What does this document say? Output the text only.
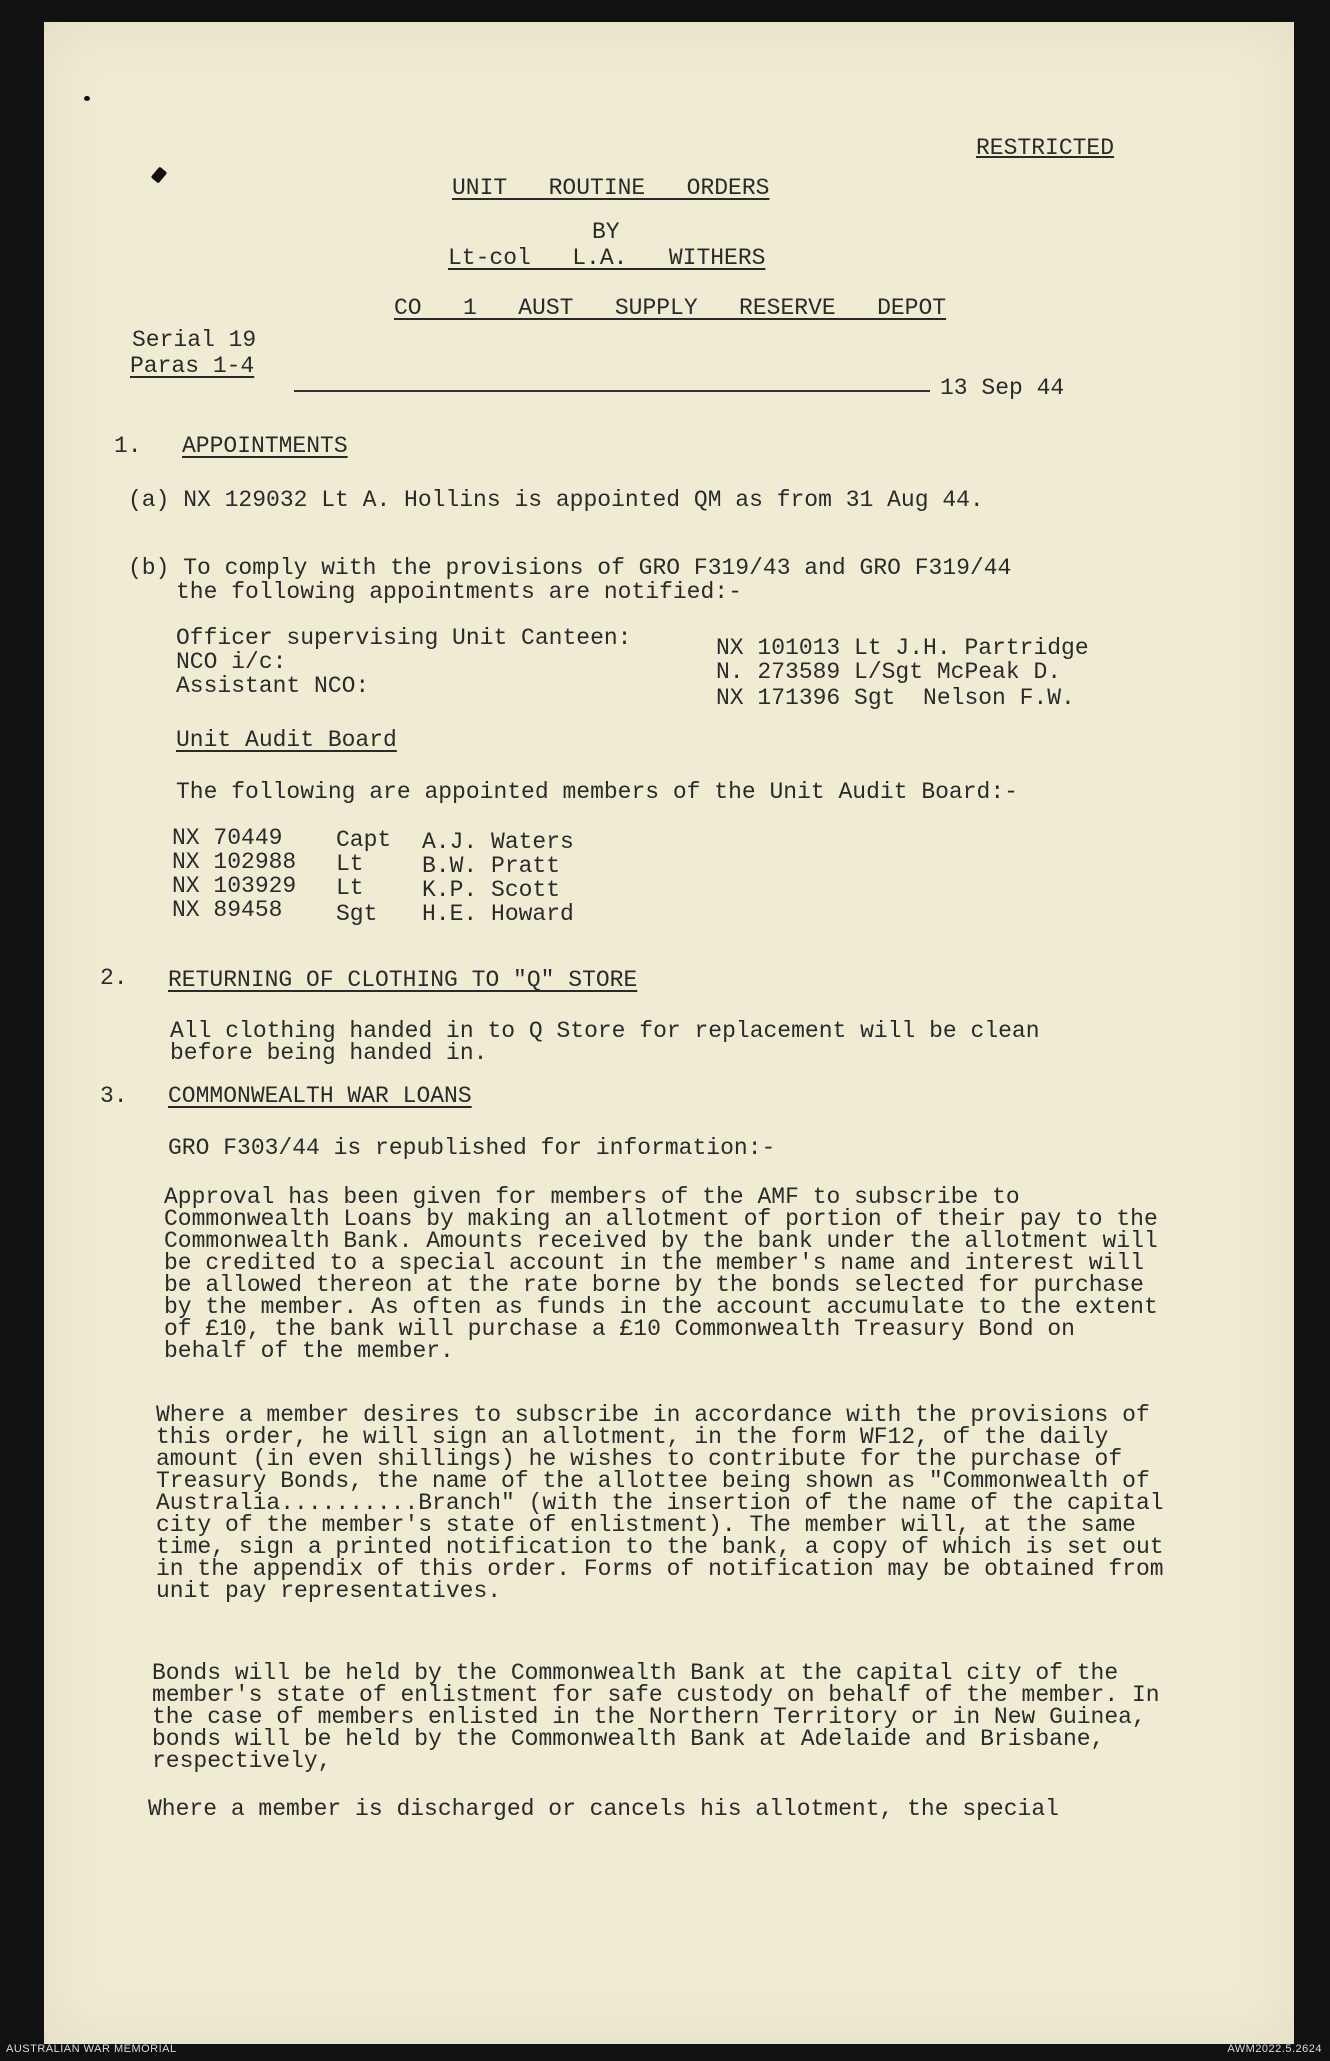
RESTRICTED
UNIT   ROUTINE   ORDERS
BY
Lt-col   L.A.   WITHERS
CO   1   AUST   SUPPLY   RESERVE   DEPOT
Serial 19
Paras 1-4
13 Sep 44
1. APPOINTMENTS
(a) NX 129032 Lt A. Hollins is appointed QM as from 31 Aug 44.
(b) To comply with the provisions of GRO F319/43 and GRO F319/44
the following appointments are notified:-
Officer supervising Unit Canteen:	NX 101013 Lt J.H. Partridge
NCO i/c:	N. 273589 L/Sgt McPeak D.
Assistant NCO:	NX 171396 Sgt  Nelson F.W.
Unit Audit Board
The following are appointed members of the Unit Audit Board:-
NX 70449 Capt A.J. Waters
NX 102988 Lt	B.W. Pratt
NX 103929 Lt	K.P. Scott
NX 89458 Sgt H.E. Howard
2. RETURNING OF CLOTHING TO "Q" STORE
All clothing handed in to Q Store for replacement will be clean before being handed in.
3. COMMONWEALTH WAR LOANS
GRO F303/44 is republished for information:-
Approval has been given for members of the AMF to subscribe to Commonwealth Loans by making an allotment of portion of their pay to the Commonwealth Bank. Amounts received by the bank under the allotment will be credited to a special account in the member's name and interest will be allowed thereon at the rate borne by the bonds selected for purchase by the member. As often as funds in the account accumulate to the extent of £10, the bank will purchase a £10 Commonwealth Treasury Bond on behalf of the member.
Where a member desires to subscribe in accordance with the provisions of this order, he will sign an allotment, in the form WF12, of the daily amount (in even shillings) he wishes to contribute for the purchase of Treasury Bonds, the name of the allottee being shown as "Commonwealth of Australia..........Branch" (with the insertion of the name of the capital city of the member's state of enlistment). The member will, at the same time, sign a printed notification to the bank, a copy of which is set out in the appendix of this order. Forms of notification may be obtained from unit pay representatives.
Bonds will be held by the Commonwealth Bank at the capital city of the member's state of enlistment for safe custody on behalf of the member. In the case of members enlisted in the Northern Territory or in New Guinea, bonds will be held by the Commonwealth Bank at Adelaide and Brisbane, respectively,
Where a member is discharged or cancels his allotment, the special
AUSTRALIAN WAR MEMORIAL	AWM2022.5.2624
